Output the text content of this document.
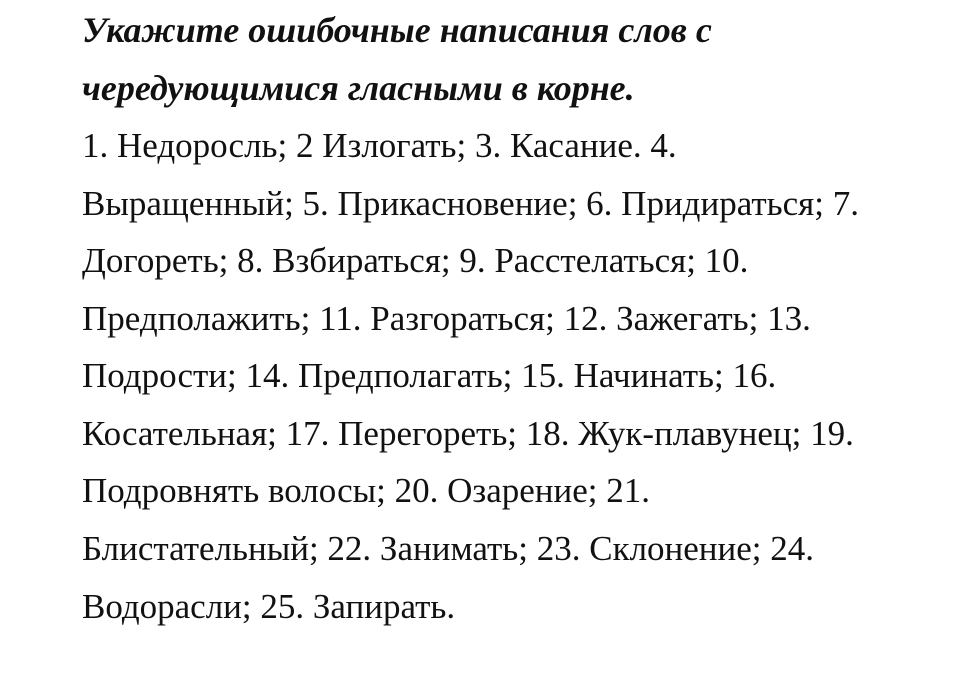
Укажите ошибочные написания слов с
чередующимися гласными в корне.
1. Недоросль; 2 Излогать; 3. Касание. 4.
Выращенный; 5. Прикасновение; 6. Придираться; 7.
Догореть; 8. Взбираться; 9. Расстелаться; 10.
Предполажить; 11. Разгораться; 12. Зажегать; 13.
Подрости; 14. Предполагать; 15. Начинать; 16.
Косательная; 17. Перегореть; 18. Жук-плавунец; 19.
Подровнять волосы; 20. Озарение; 21.
Блистательный; 22. Занимать; 23. Склонение; 24.
Водорасли; 25. Запирать.
